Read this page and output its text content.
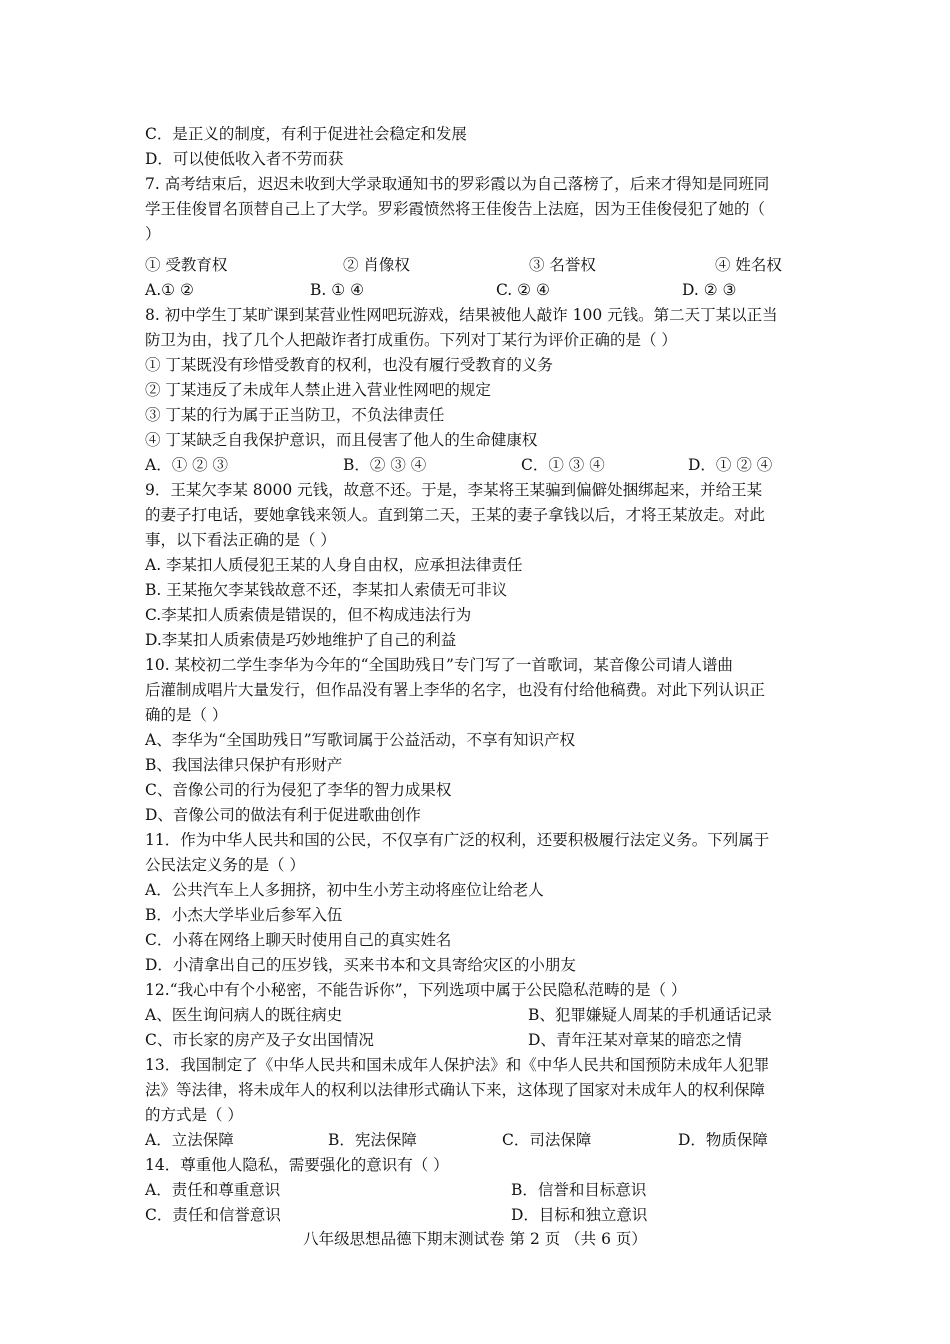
C．是正义的制度，有利于促进社会稳定和发展
D．可以使低收入者不劳而获
7. 高考结束后，迟迟未收到大学录取通知书的罗彩霞以为自己落榜了，后来才得知是同班同
学王佳俊冒名顶替自己上了大学。罗彩霞愤然将王佳俊告上法庭，因为王佳俊侵犯了她的（
）
① 受教育权	② 肖像权	③ 名誉权	④ 姓名权
A.① ②	B. ① ④	C. ② ④	D. ② ③
8. 初中学生丁某旷课到某营业性网吧玩游戏，结果被他人敲诈 100 元钱。第二天丁某以正当
防卫为由，找了几个人把敲诈者打成重伤。下列对丁某行为评价正确的是（ ）
① 丁某既没有珍惜受教育的权利，也没有履行受教育的义务
② 丁某违反了未成年人禁止进入营业性网吧的规定
③ 丁某的行为属于正当防卫，不负法律责任
④ 丁某缺乏自我保护意识，而且侵害了他人的生命健康权
A．① ② ③	B．② ③ ④	C．① ③ ④	D．① ② ④
9．王某欠李某 8000 元钱，故意不还。于是，李某将王某骗到偏僻处捆绑起来，并给王某
的妻子打电话，要她拿钱来领人。直到第二天，王某的妻子拿钱以后，才将王某放走。对此
事，以下看法正确的是（ ）
A. 李某扣人质侵犯王某的人身自由权，应承担法律责任
B. 王某拖欠李某钱故意不还，李某扣人索债无可非议
C.李某扣人质索债是错误的，但不构成违法行为
D.李某扣人质索债是巧妙地维护了自己的利益
10. 某校初二学生李华为今年的“全国助残日”专门写了一首歌词，某音像公司请人谱曲
后灌制成唱片大量发行，但作品没有署上李华的名字，也没有付给他稿费。对此下列认识正
确的是（ ）
A、李华为“全国助残日”写歌词属于公益活动，不享有知识产权
B、我国法律只保护有形财产
C、音像公司的行为侵犯了李华的智力成果权
D、音像公司的做法有利于促进歌曲创作
11．作为中华人民共和国的公民，不仅享有广泛的权利，还要积极履行法定义务。下列属于
公民法定义务的是（ ）
A．公共汽车上人多拥挤，初中生小芳主动将座位让给老人
B．小杰大学毕业后参军入伍
C．小蒋在网络上聊天时使用自己的真实姓名
D．小清拿出自己的压岁钱，买来书本和文具寄给灾区的小朋友
12.“我心中有个小秘密，不能告诉你”，下列选项中属于公民隐私范畴的是（ ）
A、医生询问病人的既往病史	B、犯罪嫌疑人周某的手机通话记录
C、市长家的房产及子女出国情况	D、青年汪某对章某的暗恋之情
13．我国制定了《中华人民共和国未成年人保护法》和《中华人民共和国预防未成年人犯罪
法》等法律，将未成年人的权利以法律形式确认下来，这体现了国家对未成年人的权利保障
的方式是（ ）
A．立法保障	B．宪法保障	C．司法保障	D．物质保障
14．尊重他人隐私，需要强化的意识有（ ）
A．责任和尊重意识	B．信誉和目标意识
C．责任和信誉意识	D．目标和独立意识
八年级思想品德下期末测试卷 第 2 页 （共 6 页）
